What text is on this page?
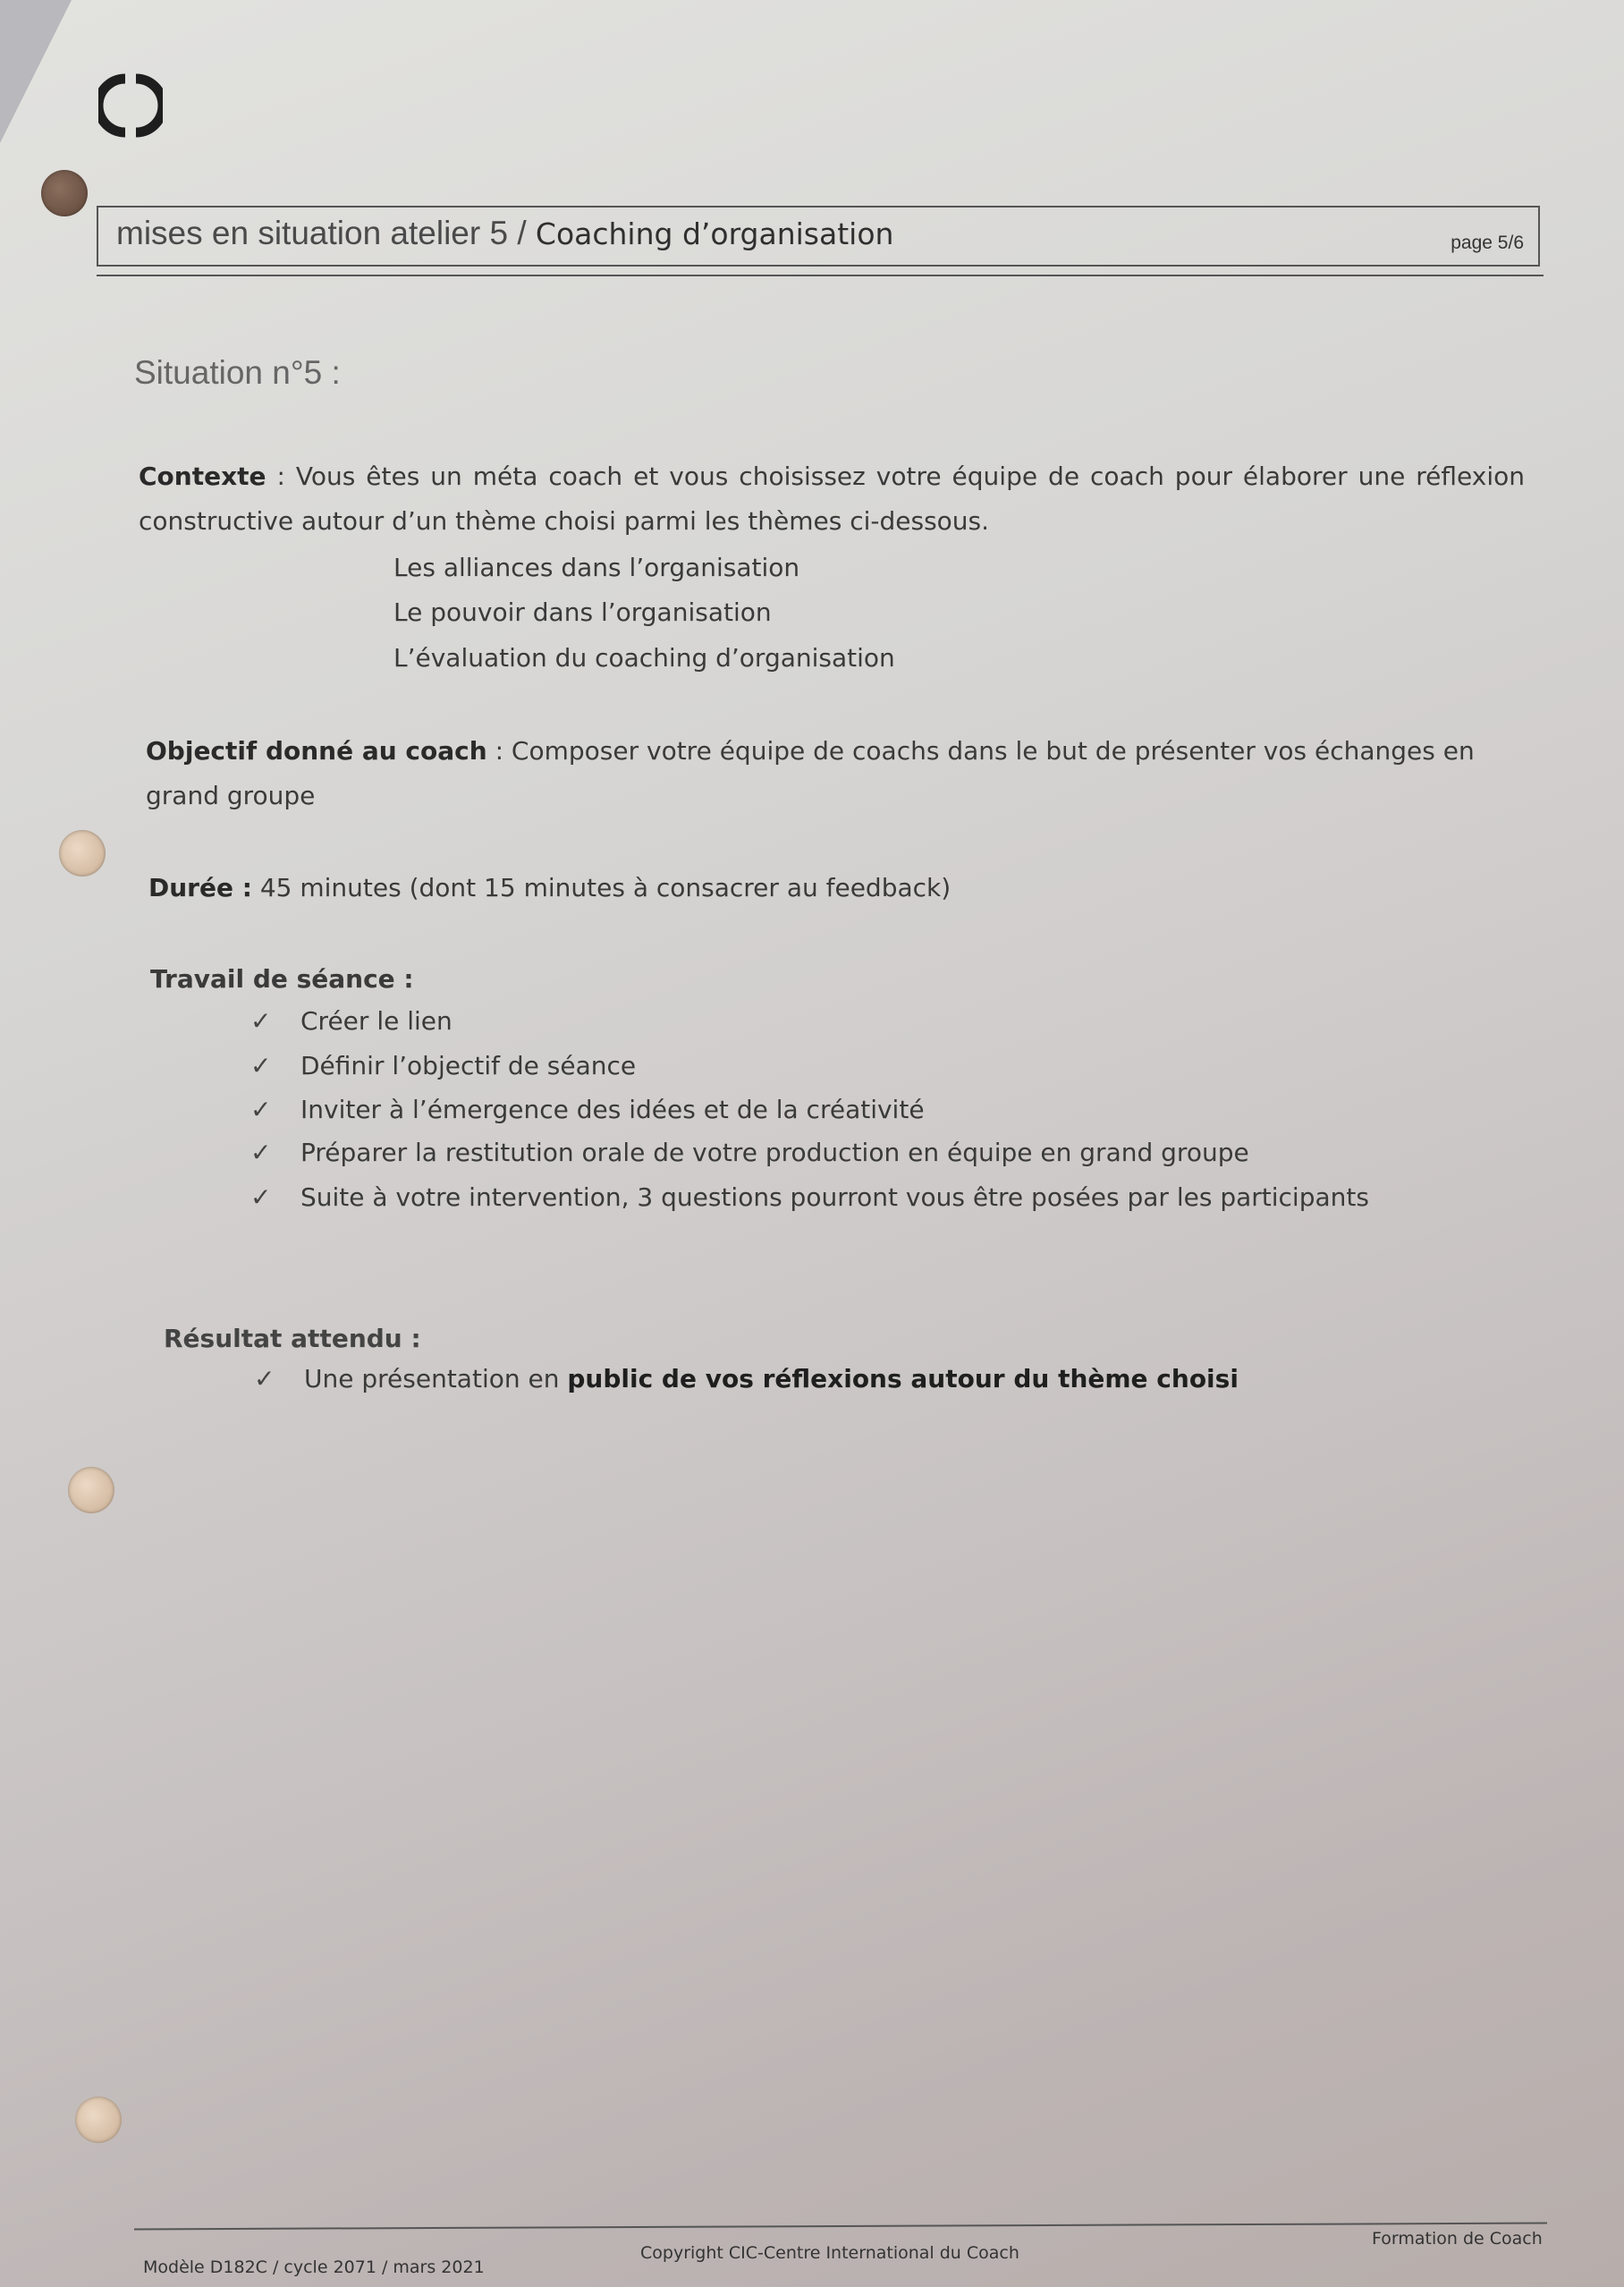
mises en situation atelier 5 / Coaching d’organisation	page 5/6
Situation n°5 :
Contexte : Vous êtes un méta coach et vous choisissez votre équipe de coach pour élaborer une réflexion constructive autour d’un thème choisi parmi les thèmes ci-dessous.
Les alliances dans l’organisation
Le pouvoir dans l’organisation
L’évaluation du coaching d’organisation
Objectif donné au coach : Composer votre équipe de coachs dans le but de présenter vos échanges en grand groupe
Durée : 45 minutes (dont 15 minutes à consacrer au feedback)
Travail de séance :
✓ Créer le lien
✓ Définir l’objectif de séance
✓ Inviter à l’émergence des idées et de la créativité
✓ Préparer la restitution orale de votre production en équipe en grand groupe
✓ Suite à votre intervention, 3 questions pourront vous être posées par les participants
Résultat attendu :
✓ Une présentation en public de vos réflexions autour du thème choisi
Modèle D182C / cycle 2071 / mars 2021
Copyright CIC-Centre International du Coach
Formation de Coach
